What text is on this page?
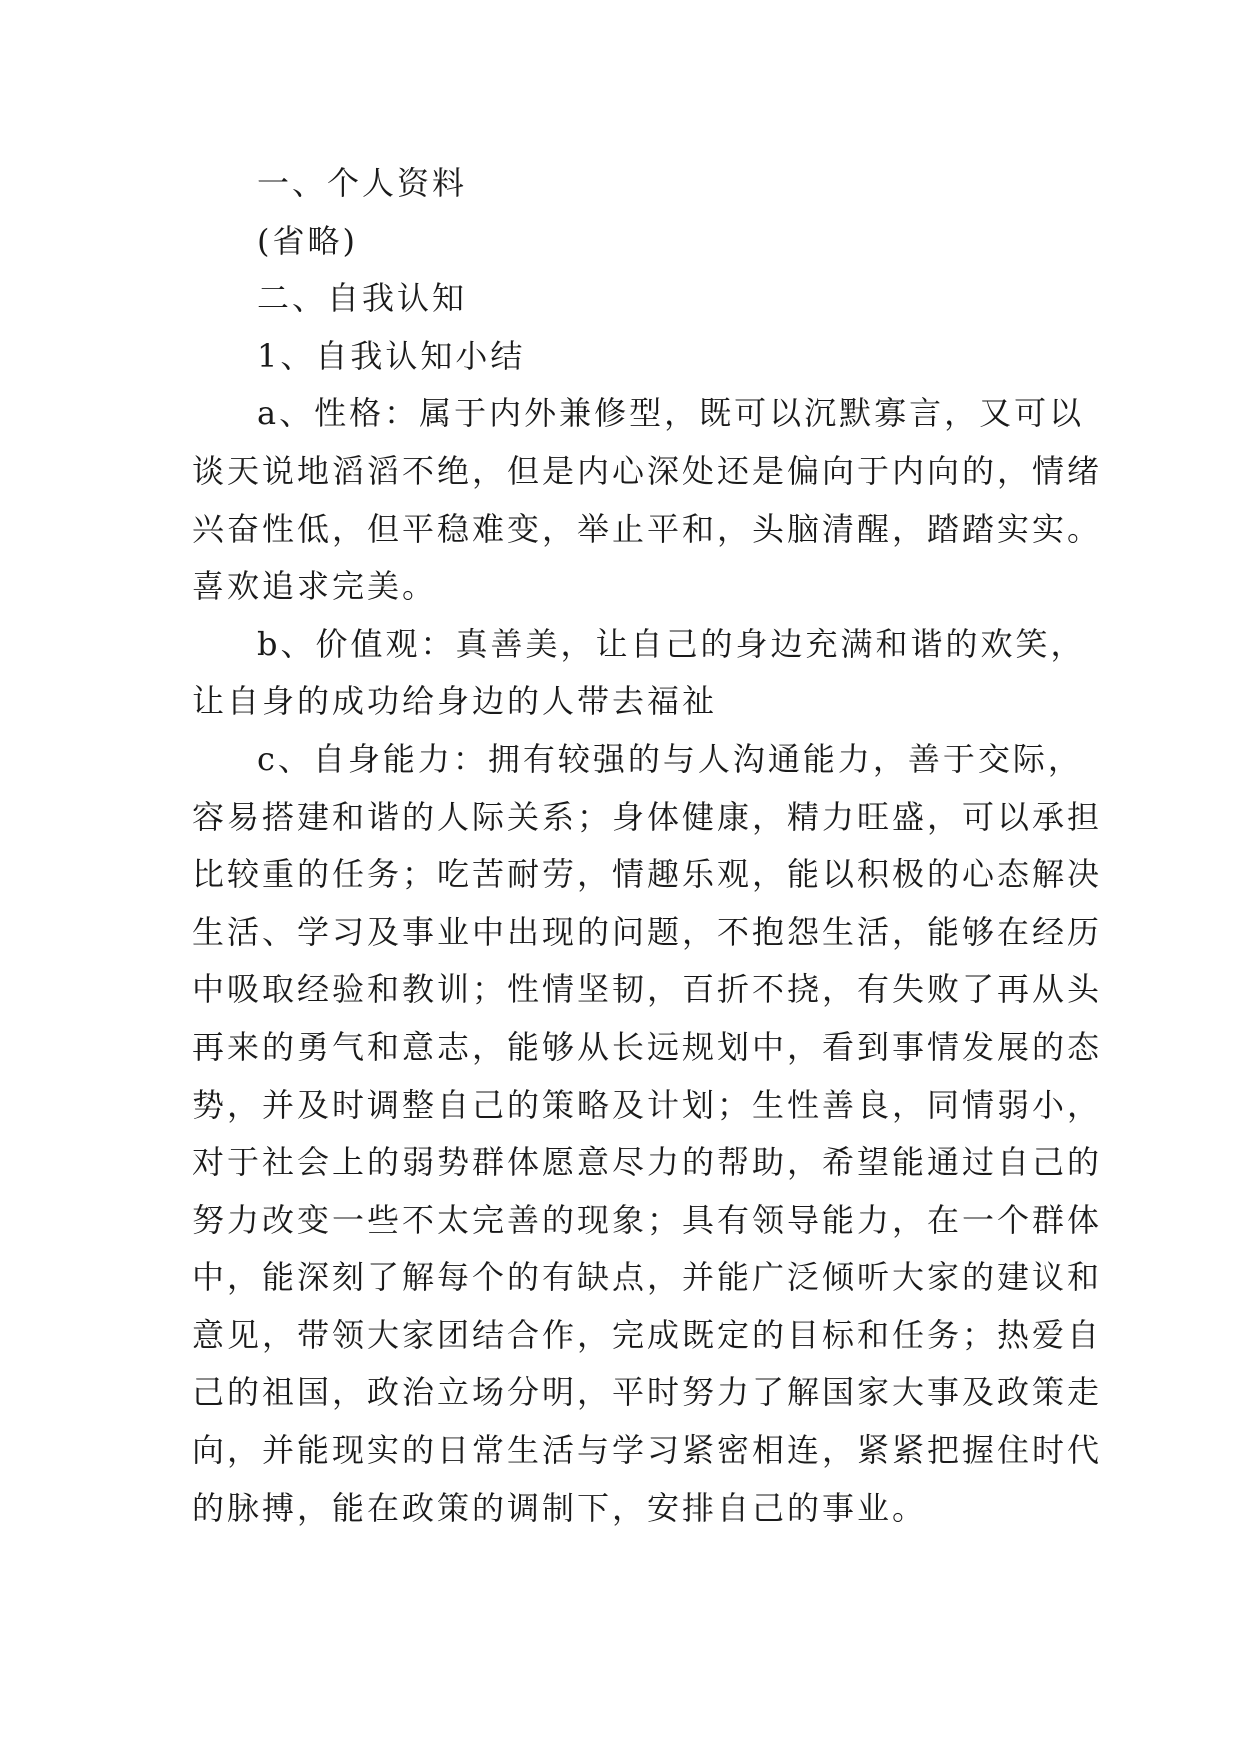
一、个人资料
(省略)
二、自我认知
1、自我认知小结
a、性格：属于内外兼修型，既可以沉默寡言，又可以
谈天说地滔滔不绝，但是内心深处还是偏向于内向的，情绪
兴奋性低，但平稳难变，举止平和，头脑清醒，踏踏实实。
喜欢追求完美。
b、价值观：真善美，让自己的身边充满和谐的欢笑，
让自身的成功给身边的人带去福祉
c、自身能力：拥有较强的与人沟通能力，善于交际，
容易搭建和谐的人际关系；身体健康，精力旺盛，可以承担
比较重的任务；吃苦耐劳，情趣乐观，能以积极的心态解决
生活、学习及事业中出现的问题，不抱怨生活，能够在经历
中吸取经验和教训；性情坚韧，百折不挠，有失败了再从头
再来的勇气和意志，能够从长远规划中，看到事情发展的态
势，并及时调整自己的策略及计划；生性善良，同情弱小，
对于社会上的弱势群体愿意尽力的帮助，希望能通过自己的
努力改变一些不太完善的现象；具有领导能力，在一个群体
中，能深刻了解每个的有缺点，并能广泛倾听大家的建议和
意见，带领大家团结合作，完成既定的目标和任务；热爱自
己的祖国，政治立场分明，平时努力了解国家大事及政策走
向，并能现实的日常生活与学习紧密相连，紧紧把握住时代
的脉搏，能在政策的调制下，安排自己的事业。
